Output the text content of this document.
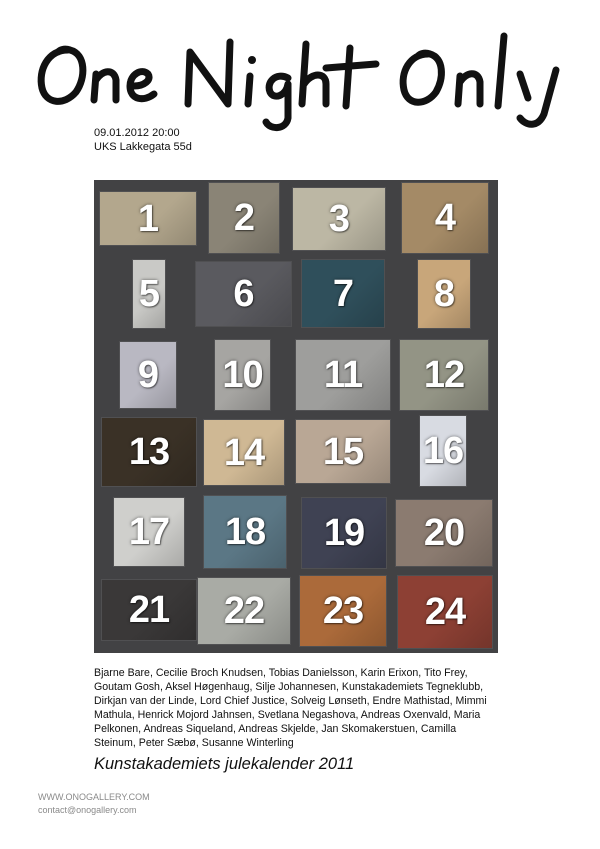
09.01.2012 20:00
UKS Lakkegata 55d
1	2	3	4
5	6	7	8
9	10	11	12
13	14	15	16
17	18	19	20
21	22	23	24
Bjarne Bare, Cecilie Broch Knudsen, Tobias Danielsson, Karin Erixon, Tito Frey, Goutam Gosh, Aksel Høgenhaug, Silje Johannesen, Kunstakademiets Tegneklubb, Dirkjan van der Linde, Lord Chief Justice, Solveig Lønseth, Endre Mathistad, Mimmi Mathula, Henrick Mojord Jahnsen, Svetlana Negashova, Andreas Oxenvald, Maria Pelkonen, Andreas Siqueland, Andreas Skjelde, Jan Skomakerstuen, Camilla Steinum, Peter Sæbø, Susanne Winterling
Kunstakademiets julekalender 2011
WWW.ONOGALLERY.COM
contact@onogallery.com
